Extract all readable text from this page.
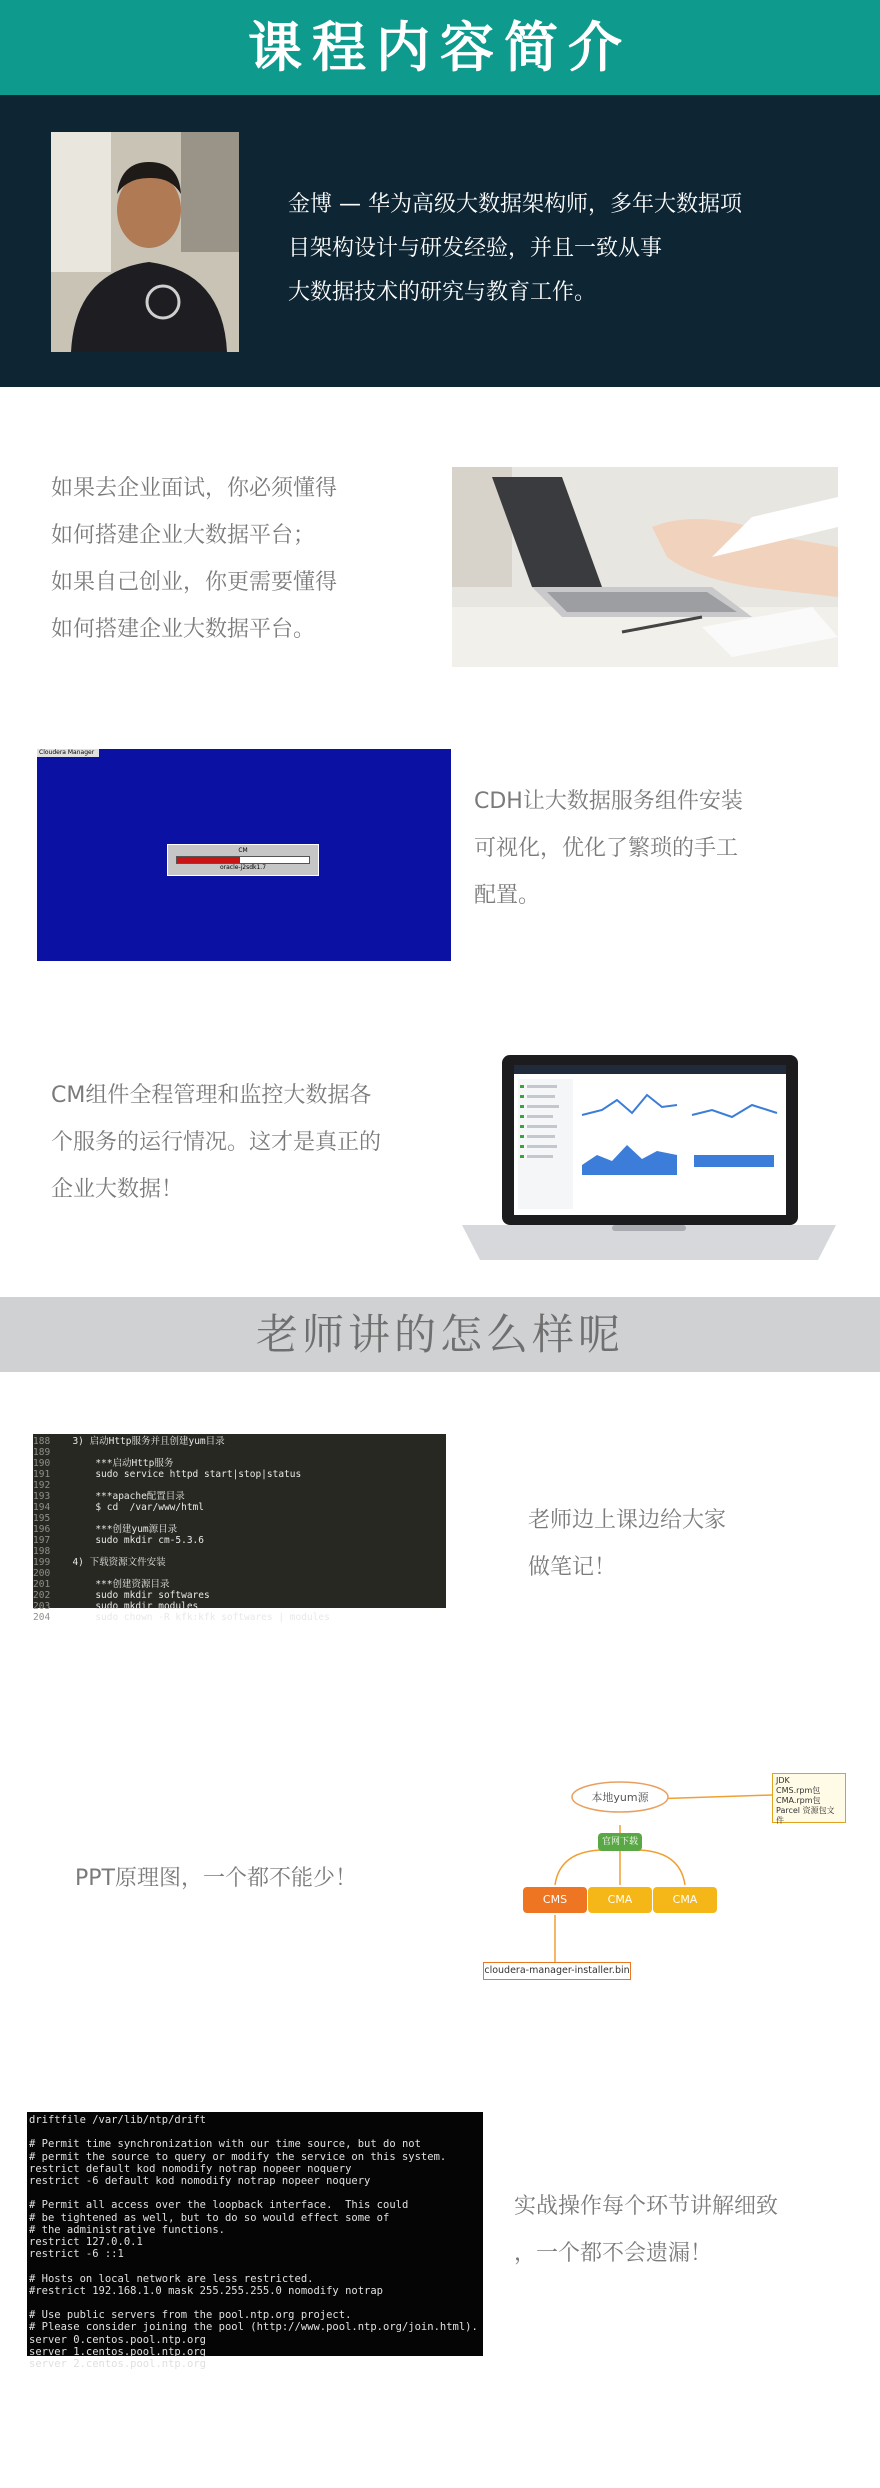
课程内容简介
金博 — 华为高级大数据架构师，多年大数据项
目架构设计与研发经验，并且一致从事
大数据技术的研究与教育工作。
如果去企业面试，你必须懂得
如何搭建企业大数据平台；
如果自己创业，你更需要懂得
如何搭建企业大数据平台。
Cloudera Manager
CM
oracle-j2sdk1.7
CDH让大数据服务组件安装
可视化，优化了繁琐的手工
配置。
CM组件全程管理和监控大数据各
个服务的运行情况。这才是真正的
企业大数据！
老师讲的怎么样呢
188  3) 启动Http服务并且创建yum目录
189
190      ***启动Http服务
191      sudo service httpd start|stop|status
192
193      ***apache配置目录
194      $ cd  /var/www/html
195
196      ***创建yum源目录
197      sudo mkdir cm-5.3.6
198
199  4) 下载资源文件安装
200
201      ***创建资源目录
202      sudo mkdir softwares
203      sudo mkdir modules
204      sudo chown -R kfk:kfk softwares | modules
老师边上课边给大家
做笔记！
PPT原理图，一个都不能少！
本地yum源
JDK
CMS.rpm包
CMA.rpm包
Parcel 资源包文件
官网下载
CMS	CMA	CMA
cloudera-manager-installer.bin
driftfile /var/lib/ntp/drift
# Permit time synchronization with our time source, but do not
# permit the source to query or modify the service on this system.
restrict default kod nomodify notrap nopeer noquery
restrict -6 default kod nomodify notrap nopeer noquery
# Permit all access over the loopback interface.  This could
# be tightened as well, but to do so would effect some of
# the administrative functions.
restrict 127.0.0.1
restrict -6 ::1
# Hosts on local network are less restricted.
#restrict 192.168.1.0 mask 255.255.255.0 nomodify notrap
# Use public servers from the pool.ntp.org project.
# Please consider joining the pool (http://www.pool.ntp.org/join.html).
server 0.centos.pool.ntp.org
server 1.centos.pool.ntp.org
server 2.centos.pool.ntp.org
实战操作每个环节讲解细致
，一个都不会遗漏！
